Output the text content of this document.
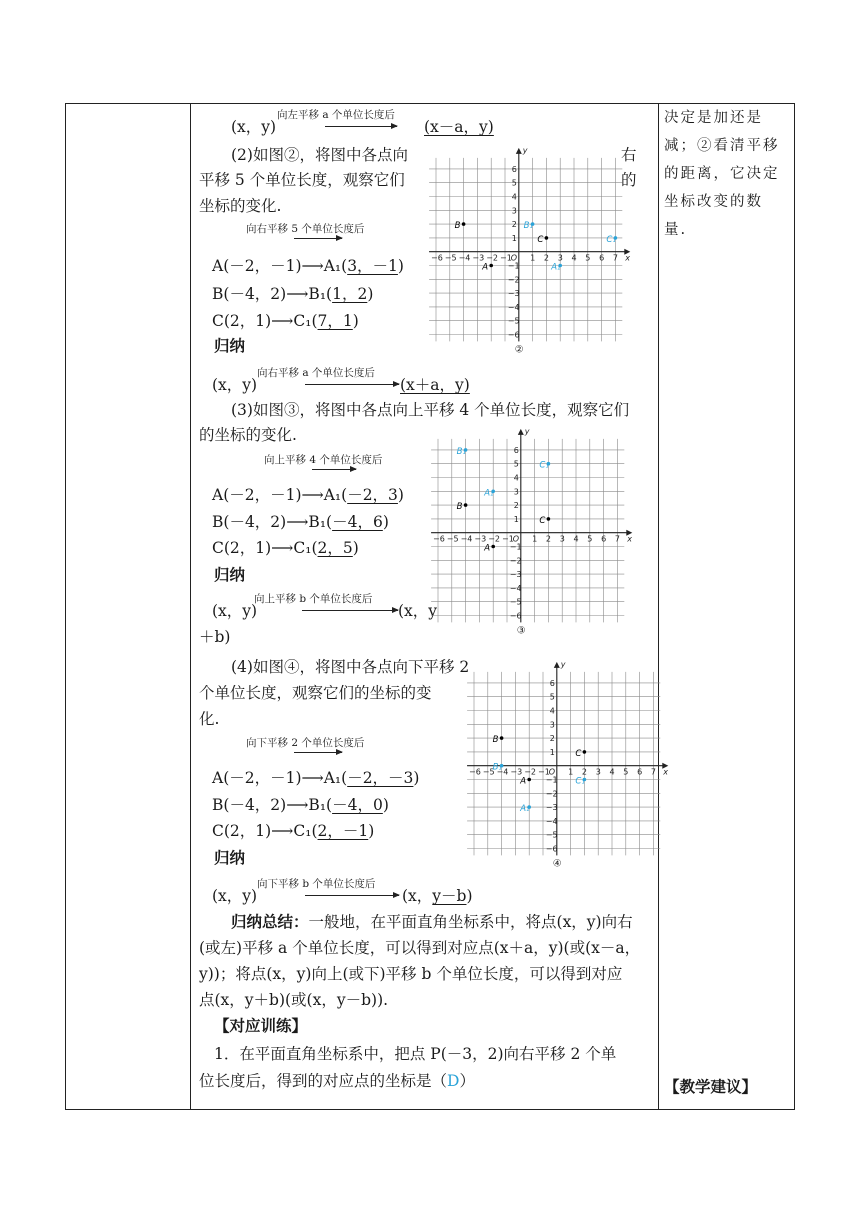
(x，y)
向左平移 a 个单位长度后
(x－a，y)
(2)如图②，将图中各点向	右
平移 5 个单位长度，观察它们	的
坐标的变化.
向右平移 5 个单位长度后
A(－2，－1)⟶A₁(3，－1)
B(－4，2)⟶B₁(1，2)
C(2，1)⟶C₁(7，1)
归纳
(x，y)
向右平移 a 个单位长度后
(x＋a，y)
(3)如图③，将图中各点向上平移 4 个单位长度，观察它们
的坐标的变化.
向上平移 4 个单位长度后
A(－2，－1)⟶A₁(－2，3)
B(－4，2)⟶B₁(－4，6)
C(2，1)⟶C₁(2，5)
归纳
(x，y)
向上平移 b 个单位长度后
(x，y
＋b)
(4)如图④，将图中各点向下平移 2
个单位长度，观察它们的坐标的变
化.
向下平移 2 个单位长度后
A(－2，－1)⟶A₁(－2，－3)
B(－4，2)⟶B₁(－4，0)
C(2，1)⟶C₁(2，－1)
归纳
(x，y)
向下平移 b 个单位长度后
(x，y－b)
归纳总结：一般地，在平面直角坐标系中，将点(x，y)向右
(或左)平移 a 个单位长度，可以得到对应点(x＋a，y)(或(x－a，
y))；将点(x，y)向上(或下)平移 b 个单位长度，可以得到对应
点(x，y＋b)(或(x，y－b)).
【对应训练】
1．在平面直角坐标系中，把点 P(－3，2)向右平移 2 个单
位长度后，得到的对应点的坐标是（D）
决定是加还是
减；②看清平移
的距离，它决定
坐标改变的数
量.
【教学建议】
x
y
O
−6 −5 −4 −3 −2 −1 1 2 3 4 5 6 7
6
5
4
3
2
1
−1
−2
−3
−4
−5
−6
A
B
C
A₁
B₁
C₁
②
x
y
O
−6 −5 −4 −3 −2 −1 1 2 3 4 5 6 7
6
5
4
3
2
1
−1
−2
−3
−4
−5
−6
A
B
C
A₁
B₁
C₁
③
x
y
O
−6 −5 −4 −3 −2 −1 1 2 3 4 5 6 7
6
5
4
3
2
1
−1
−2
−3
−4
−5
−6
A
B
C
A₁
B₁
C₁
④
